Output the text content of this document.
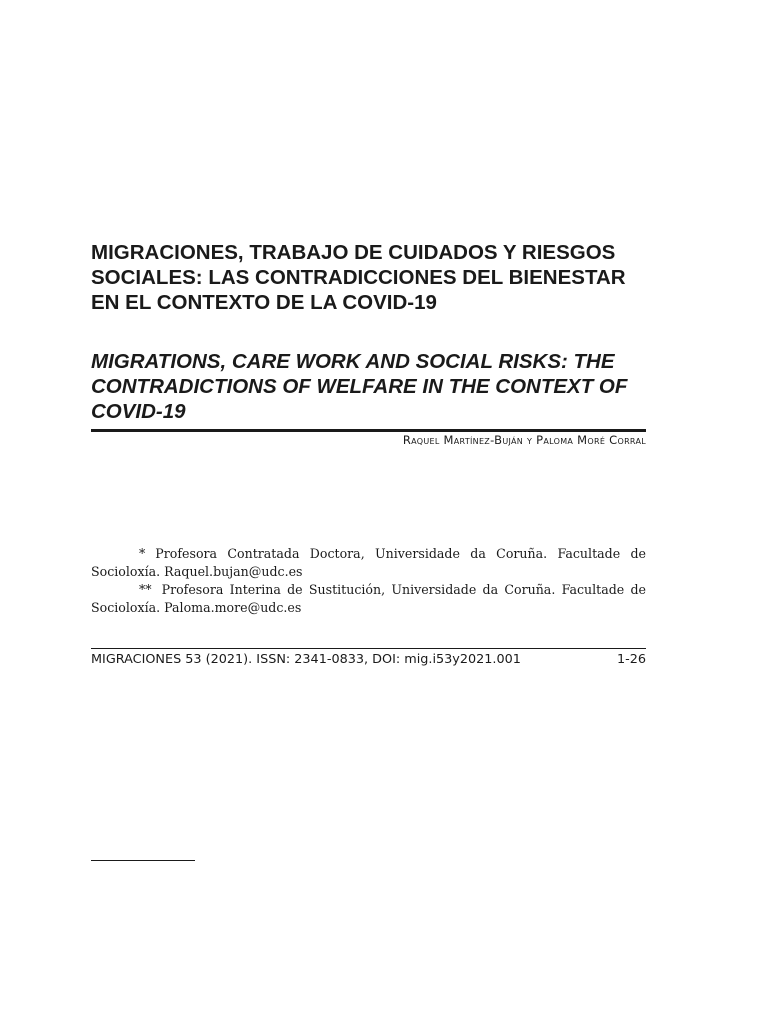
MIGRACIONES, TRABAJO DE CUIDADOS Y RIESGOS SOCIALES: LAS CONTRADICCIONES DEL BIENESTAR EN EL CONTEXTO DE LA COVID-19
MIGRATIONS, CARE WORK AND SOCIAL RISKS: THE CONTRADICTIONS OF WELFARE IN THE CONTEXT OF COVID-19
Raquel Martínez-Buján y Paloma Moré Corral

* Profesora Contratada Doctora, Universidade da Coruña. Facultade de Socioloxía. Raquel.bujan@udc.es

** Profesora Interina de Sustitución, Universidade da Coruña. Facultade de Socioloxía. Paloma.more@udc.es

MIGRACIONES 53 (2021). ISSN: 2341-0833, DOI: mig.i53y2021.001	1-26
